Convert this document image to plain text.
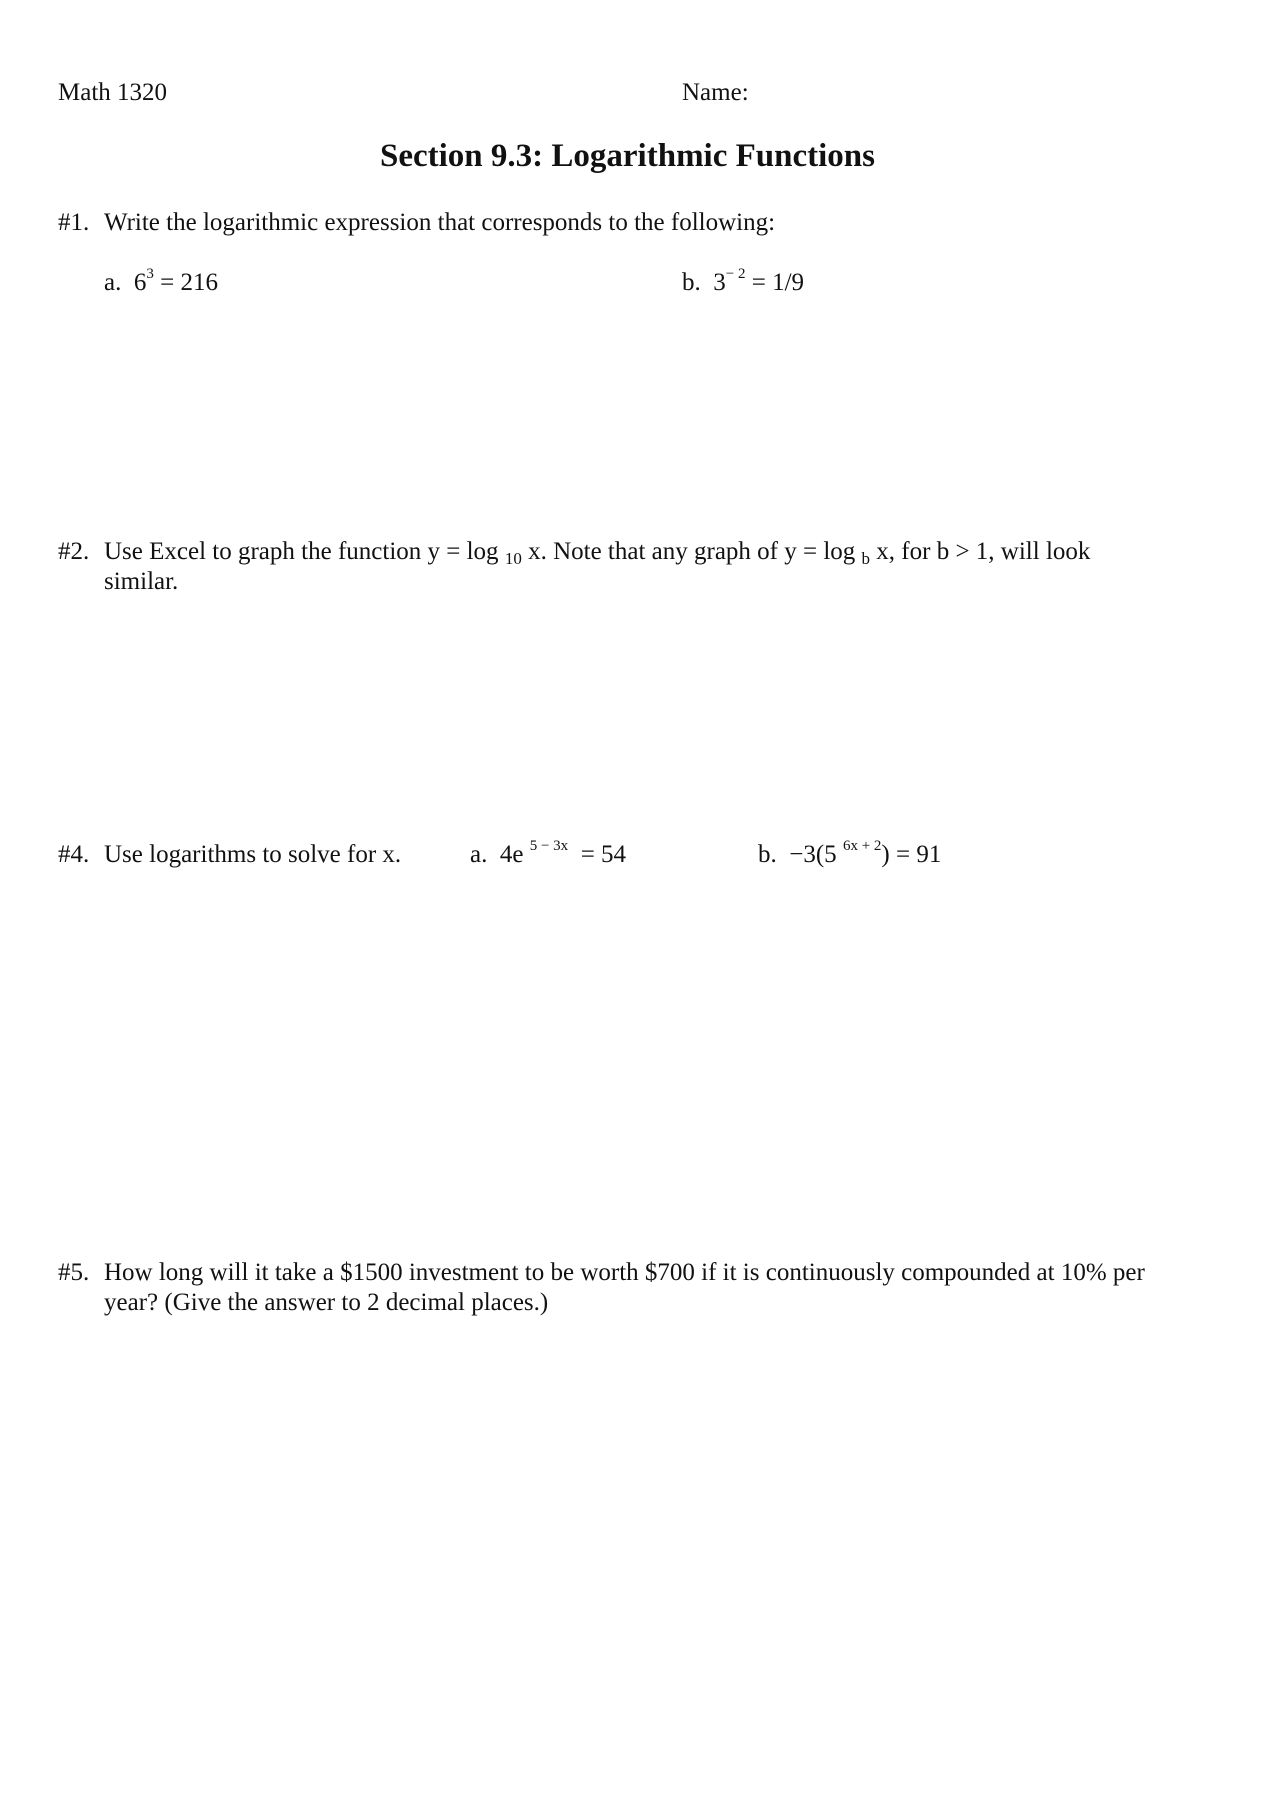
Math 1320	Name:
Section 9.3: Logarithmic Functions
#1. Write the logarithmic expression that corresponds to the following:
a. $6^3 = 216$	b. $3^{- 2} = 1/9$
#2. Use Excel to graph the function y = log $_{10}$ x. Note that any graph of y = log $_b$ x, for b > 1, will look
similar.
#4. Use logarithms to solve for x.	a. 4e $^{5 - 3x}$  = 54	b. −3(5 $^{6x + 2}$) = 91
#5. How long will it take a $1500 investment to be worth $700 if it is continuously compounded at 10% per
year? (Give the answer to 2 decimal places.)
